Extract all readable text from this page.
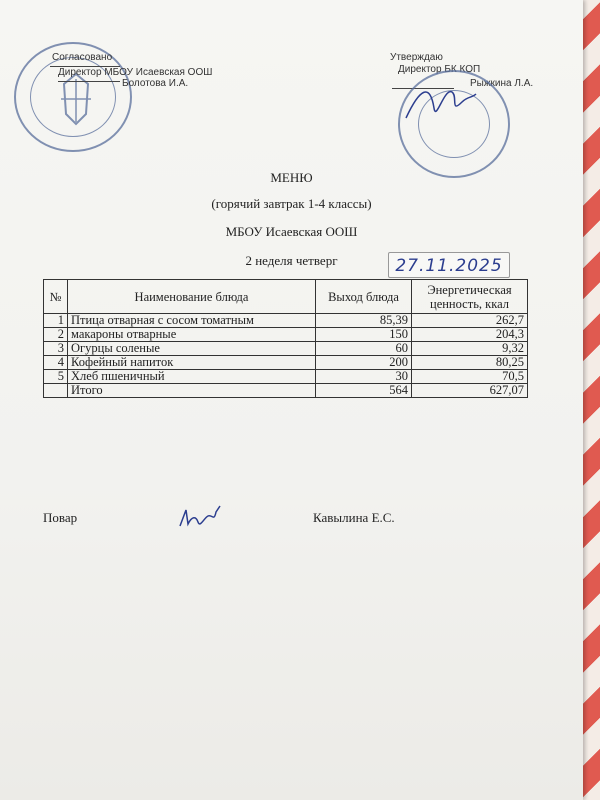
Согласовано
Директор МБОУ Исаевская ООШ
Болотова И.А.
Утверждаю
Директор БК КОП
Рыжкина Л.А.
МЕНЮ
(горячий завтрак 1-4 классы)
МБОУ Исаевская ООШ
2 неделя четверг	27.11.2025
№	Наименование блюда	Выход блюда	Энергетическая ценность, ккал
1	Птица отварная с сосом томатным	85,39	262,7
2	макароны отварные	150	204,3
3	Огурцы соленые	60	9,32
4	Кофейный напиток	200	80,25
5	Хлеб пшеничный	30	70,5
	Итого	564	627,07
Повар	Кавылина Е.С.
